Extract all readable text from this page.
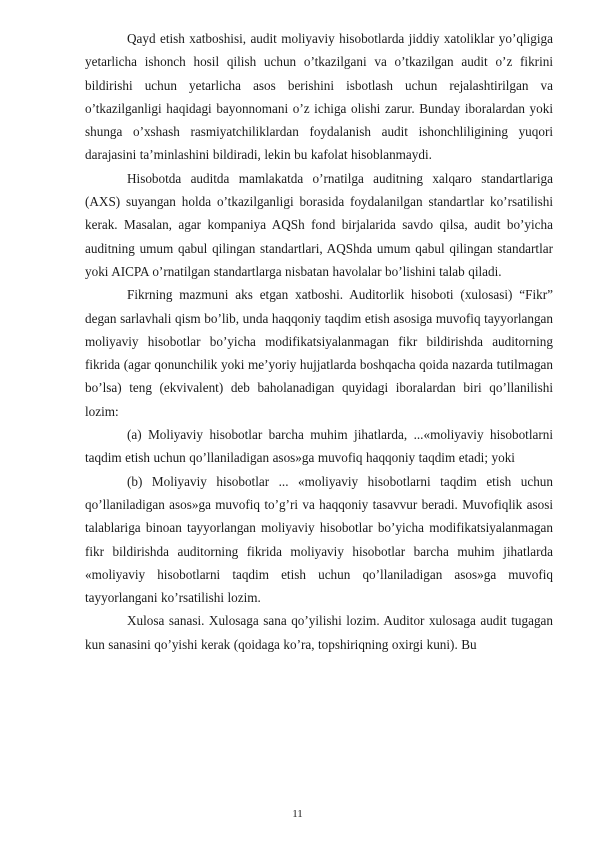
Qayd etish xatboshisi, audit moliyaviy hisobotlarda jiddiy xatoliklar yo’qligiga yetarlicha ishonch hosil qilish uchun o’tkazilgani va o’tkazilgan audit o’z fikrini bildirishi uchun yetarlicha asos berishini isbotlash uchun rejalashtirilgan va o’tkazilganligi haqidagi bayonnomani o’z ichiga olishi zarur. Bunday iboralardan yoki shunga o’xshash rasmiyatchiliklardan foydalanish audit ishonchliligining yuqori darajasini ta’minlashini bildiradi, lekin bu kafolat hisoblanmaydi.

Hisobotda auditda mamlakatda o’rnatilga auditning xalqaro standartlariga (AXS) suyangan holda o’tkazilganligi borasida foydalanilgan standartlar ko’rsatilishi kerak. Masalan, agar kompaniya AQSh fond birjalarida savdo qilsa, audit bo’yicha auditning umum qabul qilingan standartlari, AQShda umum qabul qilingan standartlar yoki AICPA o’rnatilgan standartlarga nisbatan havolalar bo’lishini talab qiladi.

Fikrning mazmuni aks etgan xatboshi. Auditorlik hisoboti (xulosasi) “Fikr” degan sarlavhali qism bo’lib, unda haqqoniy taqdim etish asosiga muvofiq tayyorlangan moliyaviy hisobotlar bo’yicha modifikatsiyalanmagan fikr bildirishda auditorning fikrida (agar qonunchilik yoki me’yoriy hujjatlarda boshqacha qoida nazarda tutilmagan bo’lsa) teng (ekvivalent) deb baholanadigan quyidagi iboralardan biri qo’llanilishi lozim:

(a) Moliyaviy hisobotlar barcha muhim jihatlarda, ...«moliyaviy hisobotlarni taqdim etish uchun qo’llaniladigan asos»ga muvofiq haqqoniy taqdim etadi; yoki

(b) Moliyaviy hisobotlar ... «moliyaviy hisobotlarni taqdim etish uchun qo’llaniladigan asos»ga muvofiq to’g’ri va haqqoniy tasavvur beradi. Muvofiqlik asosi talablariga binoan tayyorlangan moliyaviy hisobotlar bo’yicha modifikatsiyalanmagan fikr bildirishda auditorning fikrida moliyaviy hisobotlar barcha muhim jihatlarda «moliyaviy hisobotlarni taqdim etish uchun qo’llaniladigan asos»ga muvofiq tayyorlangani ko’rsatilishi lozim.

Xulosa sanasi. Xulosaga sana qo’yilishi lozim. Auditor xulosaga audit tugagan kun sanasini qo’yishi kerak (qoidaga ko’ra, topshiriqning oxirgi kuni). Bu

11
